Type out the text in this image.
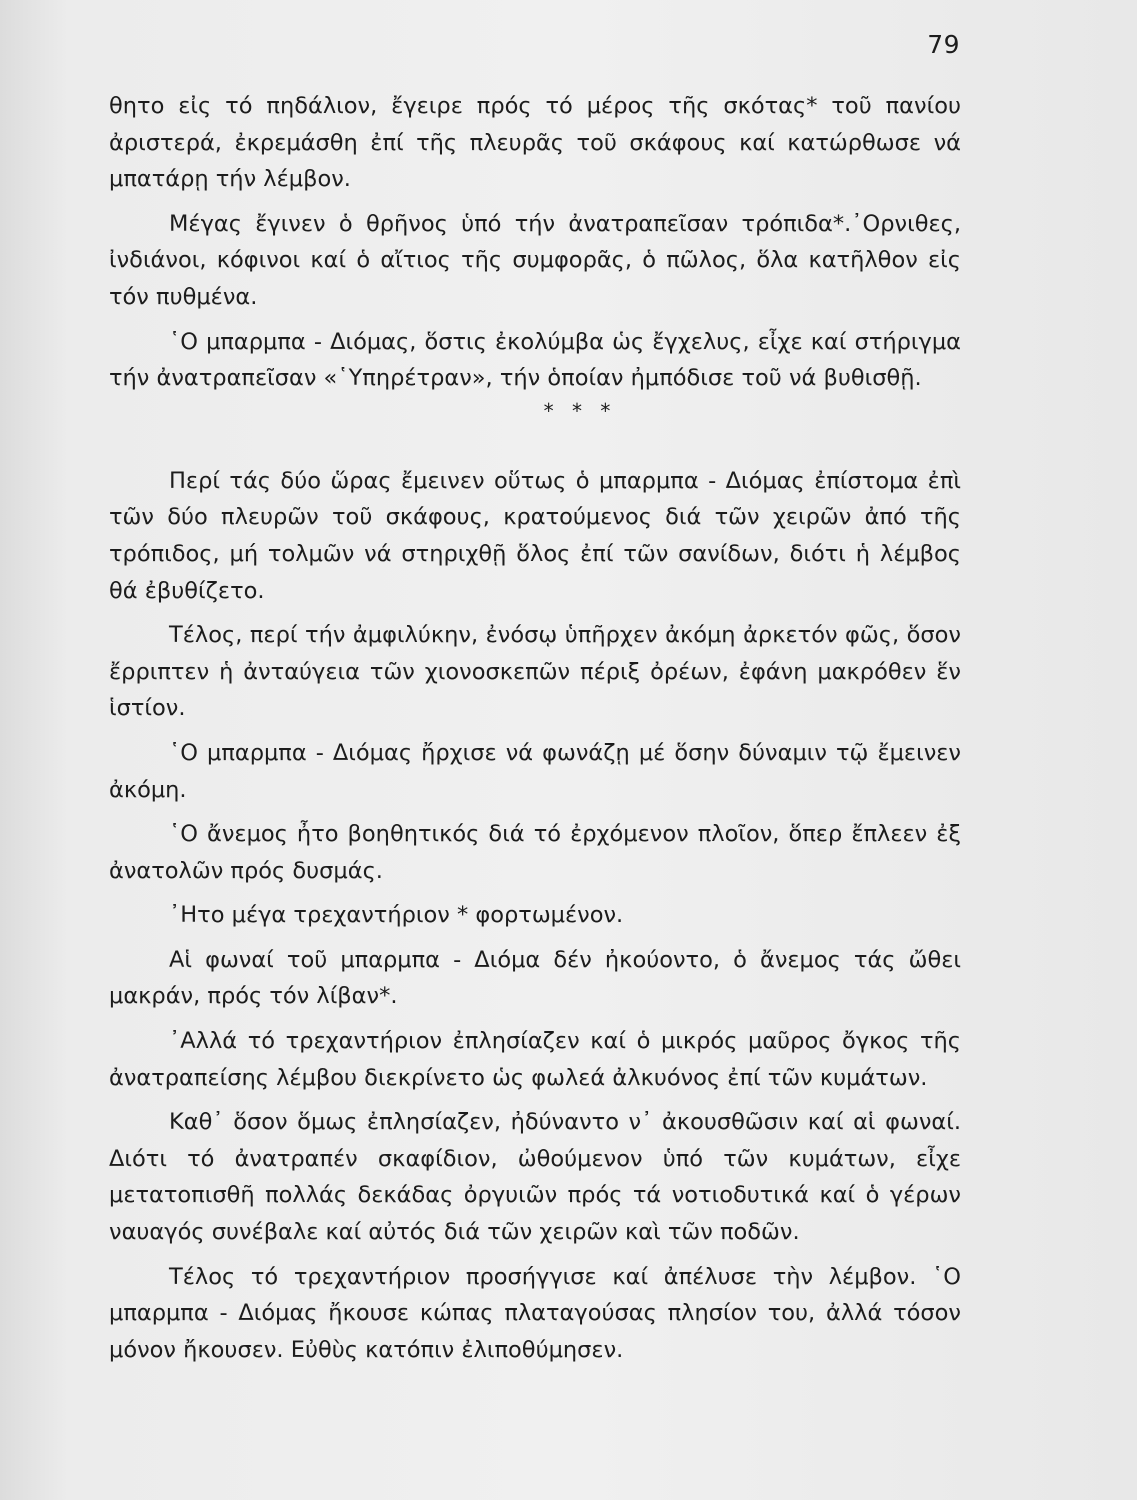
79

θητο εἰς τό πηδάλιον, ἔγειρε πρός τό μέρος τῆς σκότας* τοῦ πανίου ἀριστερά, ἐκρεμάσθη ἐπί τῆς πλευρᾶς τοῦ σκάφους καί κατώρθωσε νά μπατάρῃ τήν λέμβον.

Μέγας ἔγινεν ὁ θρῆνος ὑπό τήν ἀνατραπεῖσαν τρόπιδα*.᾿Ορνιθες, ἰνδιάνοι, κόφινοι καί ὁ αἴτιος τῆς συμφορᾶς, ὁ πῶλος, ὅλα κατῆλθον εἰς τόν πυθμένα.

῾Ο μπαρμπα - Διόμας, ὅστις ἐκολύμβα ὡς ἔγχελυς, εἶχε καί στήριγμα τήν ἀνατραπεῖσαν «῾Υπηρέτραν», τήν ὁποίαν ἠμπόδισε τοῦ νά βυθισθῇ.

* * *

Περί τάς δύο ὥρας ἔμεινεν οὕτως ὁ μπαρμπα - Διόμας ἐπίστομα ἐπὶ τῶν δύο πλευρῶν τοῦ σκάφους, κρατούμενος διά τῶν χειρῶν ἀπό τῆς τρόπιδος, μή τολμῶν νά στηριχθῇ ὅλος ἐπί τῶν σανίδων, διότι ἡ λέμβος θά ἐβυθίζετο.

Τέλος, περί τήν ἀμφιλύκην, ἐνόσῳ ὑπῆρχεν ἀκόμη ἀρκετόν φῶς, ὅσον ἔρριπτεν ἡ ἀνταύγεια τῶν χιονοσκεπῶν πέριξ ὀρέων, ἐφάνη μακρόθεν ἕν ἱστίον.

῾Ο μπαρμπα - Διόμας ἤρχισε νά φωνάζῃ μέ ὅσην δύναμιν τῷ ἔμεινεν ἀκόμη.

῾Ο ἄνεμος ἦτο βοηθητικός διά τό ἐρχόμενον πλοῖον, ὅπερ ἔπλεεν ἐξ ἀνατολῶν πρός δυσμάς.

᾿Ητο μέγα τρεχαντήριον * φορτωμένον.

Αἱ φωναί τοῦ μπαρμπα - Διόμα δέν ἠκούοντο, ὁ ἄνεμος τάς ὤθει μακράν, πρός τόν λίβαν*.

᾿Αλλά τό τρεχαντήριον ἐπλησίαζεν καί ὁ μικρός μαῦρος ὄγκος τῆς ἀνατραπείσης λέμβου διεκρίνετο ὡς φωλεά ἀλκυόνος ἐπί τῶν κυμάτων.

Καθ᾿ ὅσον ὅμως ἐπλησίαζεν, ἠδύναντο ν᾿ ἀκουσθῶσιν καί αἱ φωναί. Διότι τό ἀνατραπέν σκαφίδιον, ὠθούμενον ὑπό τῶν κυμάτων, εἶχε μετατοπισθῆ πολλάς δεκάδας ὀργυιῶν πρός τά νοτιοδυτικά καί ὁ γέρων ναυαγός συνέβαλε καί αὐτός διά τῶν χειρῶν καὶ τῶν ποδῶν.

Τέλος τό τρεχαντήριον προσήγγισε καί ἀπέλυσε τὴν λέμβον. ῾Ο μπαρμπα - Διόμας ἤκουσε κώπας πλαταγούσας πλησίον του, ἀλλά τόσον μόνον ἤκουσεν. Εὐθὺς κατόπιν ἐλιποθύμησεν.
